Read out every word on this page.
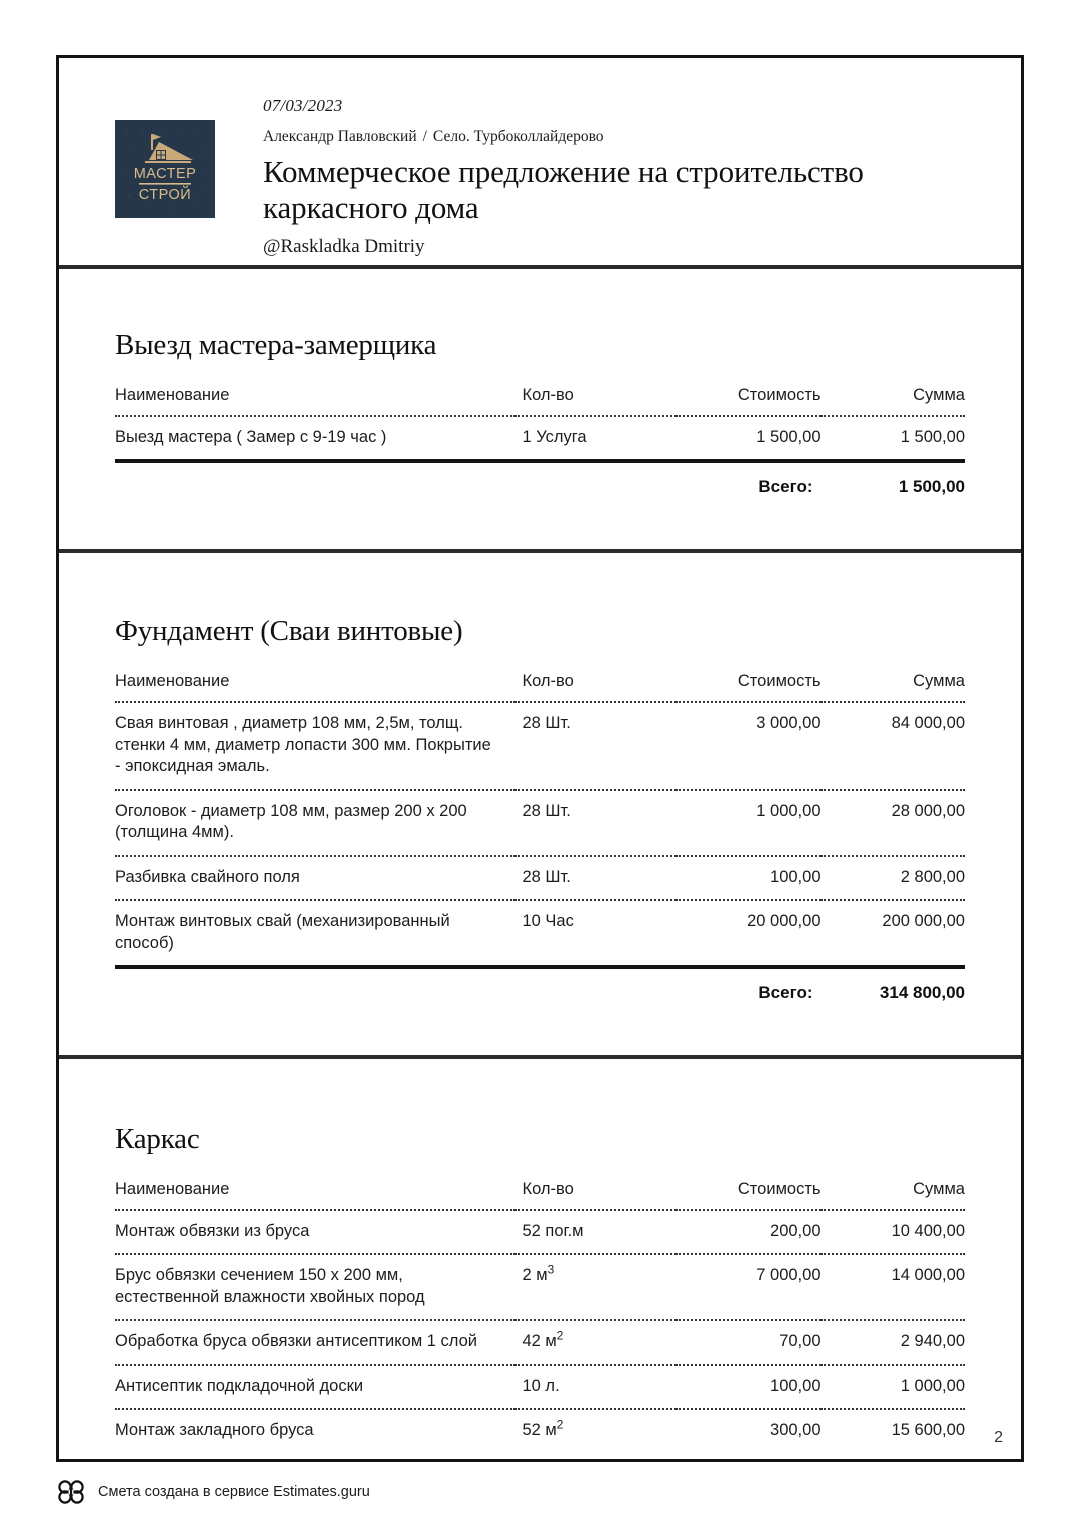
МАСТЕР
СТРОЙ
07/03/2023
Александр Павловский / Село. Турбоколлайдерово
Коммерческое предложение на строительство каркасного дома
@Raskladka Dmitriy
Выезд мастера-замерщика
Наименование	Кол-во	Стоимость	Сумма
Выезд мастера ( Замер с 9-19 час )	1 Услуга	1 500,00	1 500,00
Всего:	1 500,00
Фундамент (Сваи винтовые)
Наименование	Кол-во	Стоимость	Сумма
Свая винтовая , диаметр 108 мм, 2,5м, толщ. стенки 4 мм, диаметр лопасти 300 мм. Покрытие - эпоксидная эмаль.	28 Шт.	3 000,00	84 000,00
Оголовок - диаметр 108 мм, размер 200 х 200 (толщина 4мм).	28 Шт.	1 000,00	28 000,00
Разбивка свайного поля	28 Шт.	100,00	2 800,00
Монтаж винтовых свай (механизированный способ)	10 Час	20 000,00	200 000,00
Всего:	314 800,00
Каркас
Наименование	Кол-во	Стоимость	Сумма
Монтаж обвязки из бруса	52 пог.м	200,00	10 400,00
Брус обвязки сечением 150 х 200 мм, естественной влажности хвойных пород	2 $м^3$	7 000,00	14 000,00
Обработка бруса обвязки антисептиком 1 слой	42 $м^2$	70,00	2 940,00
Антисептик подкладочной доски	10 л.	100,00	1 000,00
Монтаж закладного бруса	52 $м^2$	300,00	15 600,00 2
Смета создана в сервисе Estimates.guru
